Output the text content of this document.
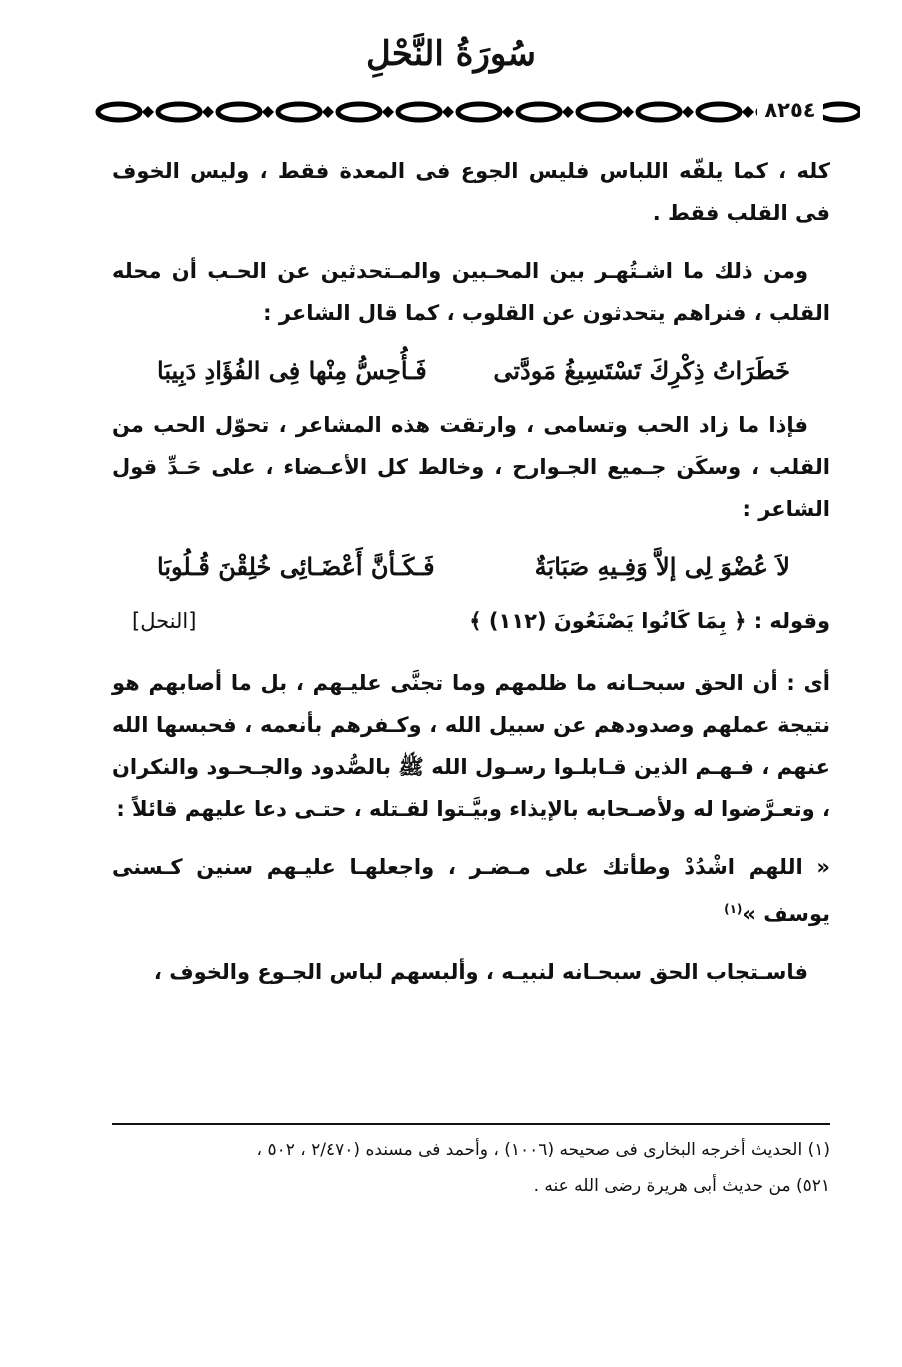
سُورَةُ النَّحْلِ
٨٢٥٤

كله ، كما يلفّه اللباس فليس الجوع فى المعدة فقط ، وليس الخوف فى القلب فقط .

ومن ذلك ما اشـتُهـر بين المحـبين والمـتحدثين عن الحـب أن محله القلب ، فنراهم يتحدثون عن القلوب ، كما قال الشاعر :

خَطَرَاتُ ذِكْرِكَ تَسْتَسِيغُ مَودَّتى
فَـأُحِسُّ مِنْها فِى الفُؤَادِ دَبِيبَا

فإذا ما زاد الحب وتسامى ، وارتقت هذه المشاعر ، تحوّل الحب من القلب ، وسكَن جـميع الجـوارح ، وخالط كل الأعـضاء ، على حَـدِّ قول الشاعر :

لاَ عُضْوَ لِى إلاَّ وَفِـيهِ صَبَابَةٌ
فَـكَـأنَّ أَعْضَـائِى خُلِقْنَ قُـلُوبَا
وقوله : ﴿ بِمَا كَانُوا يَصْنَعُونَ (١١٢) ﴾
[النحل]

أى : أن الحق سبحـانه ما ظلمهم وما تجنَّى عليـهم ، بل ما أصابهم هو نتيجة عملهم وصدودهم عن سبيل الله ، وكـفرهم بأنعمه ، فحبسها الله عنهم ، فـهـم الذين قـابلـوا رسـول الله ﷺ بالصُّدود والجـحـود والنكران ، وتعـرَّضوا له ولأصـحابه بالإيذاء وبيَّـتوا لقـتله ، حتـى دعا عليهم قائلاً :

« اللهم اشْدُدْ وطأتك على مـضـر ، واجعلهـا عليـهم سنين كـسنى يوسف »$^{(١)}$

فاسـتجاب الحق سبحـانه لنبيـه ، وألبسهم لباس الجـوع والخوف ،

(١) الحديث أخرجه البخارى فى صحيحه (١٠٠٦) ، وأحمد فى مسنده (٢/٤٧٠ ، ٥٠٢ ،

٥٢١) من حديث أبى هريرة رضى الله عنه .
